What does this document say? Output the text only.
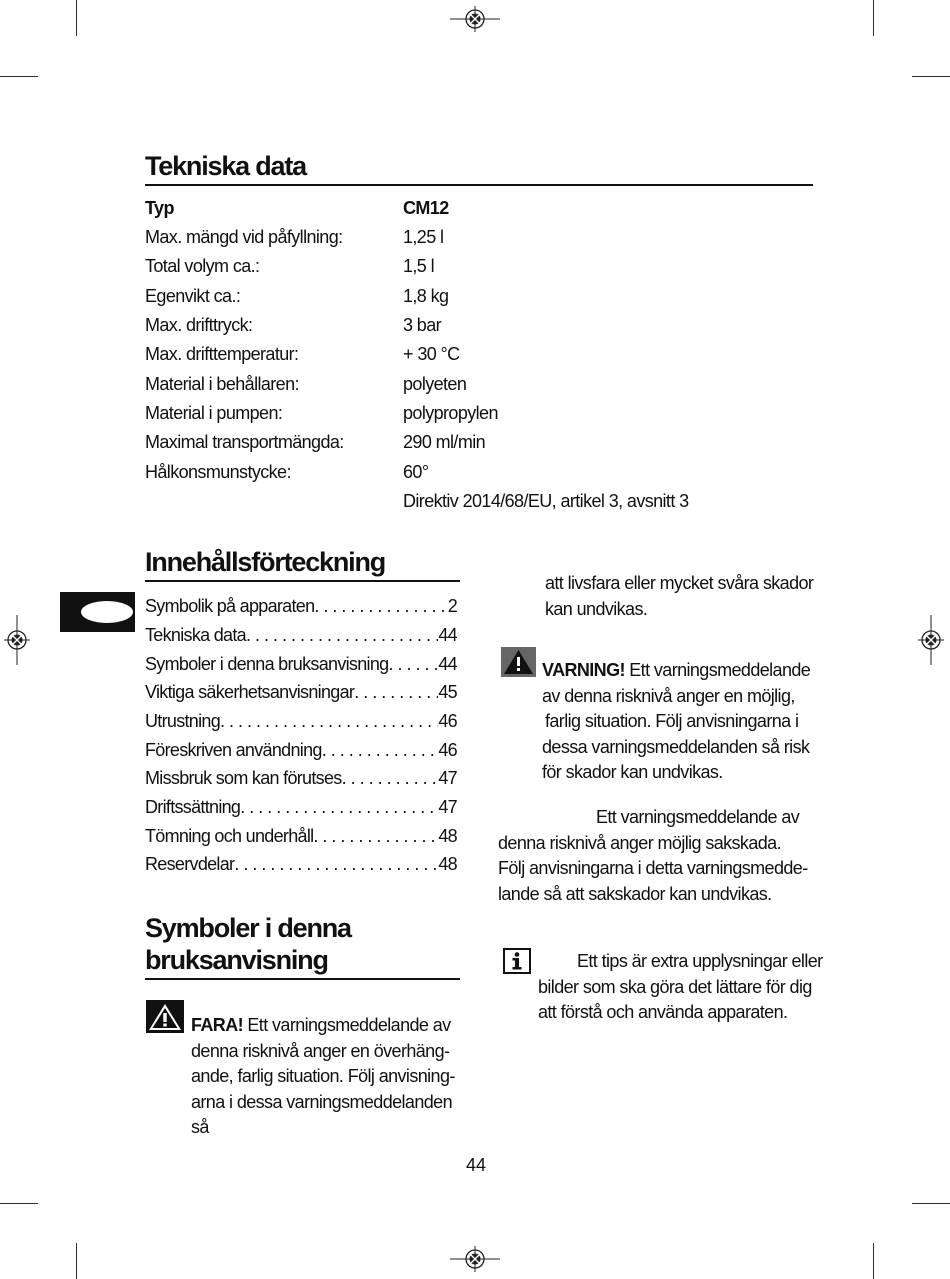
Tekniska data
Typ	CM12
Max. mängd vid påfyllning:	1,25 l
Total volym ca.:	1,5 l
Egenvikt ca.:	1,8 kg
Max. drifttryck:	3 bar
Max. drifttemperatur:	+ 30 °C
Material i behållaren:	polyeten
Material i pumpen:	polypropylen
Maximal transportmängda:	290 ml/min
Hålkonsmunstycke:	60°
Direktiv 2014/68/EU, artikel 3, avsnitt 3
Innehållsförteckning
Symbolik på apparaten . . .	2
Tekniska data . . .	44
Symboler i denna bruksanvisning . . .	44
Viktiga säkerhetsanvisningar . . .	45
Utrustning . . .	46
Föreskriven användning . . .	46
Missbruk som kan förutses . . .	47
Driftssättning . . .	47
Tömning och underhåll . . .	48
Reservdelar . . .	48
Symboler i denna
bruksanvisning
FARA! Ett varningsmeddelande av
denna risknivå anger en överhäng-
ande, farlig situation. Följ anvisning-
arna i dessa varningsmeddelanden så
att livsfara eller mycket svåra skador
kan undvikas.
VARNING! Ett varningsmeddelande
av denna risknivå anger en möjlig,
farlig situation. Följ anvisningarna i
dessa varningsmeddelanden så risk
för skador kan undvikas.
Ett varningsmeddelande av
denna risknivå anger möjlig sakskada.
Följ anvisningarna i detta varningsmedde-
lande så att sakskador kan undvikas.
Ett tips är extra upplysningar eller
bilder som ska göra det lättare för dig
att förstå och använda apparaten.
44
